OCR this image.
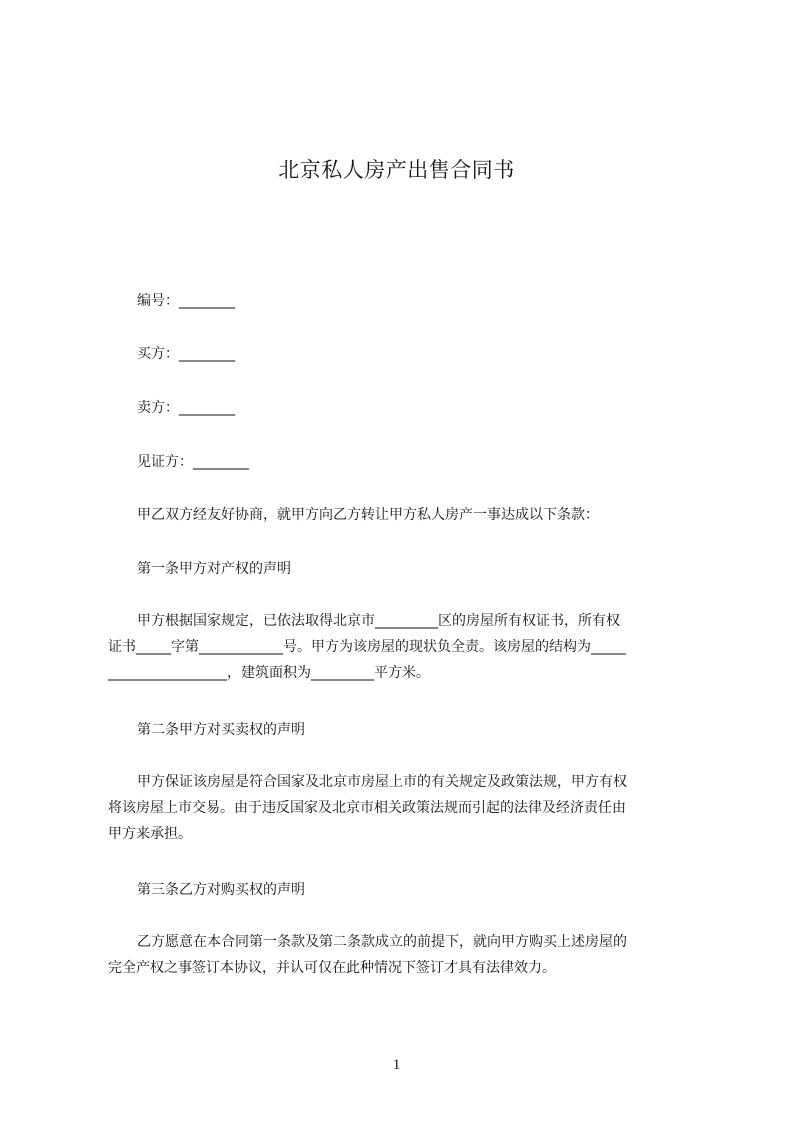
北京私人房产出售合同书
编号：________
买方：________
卖方：________
见证方：________
甲乙双方经友好协商，就甲方向乙方转让甲方私人房产一事达成以下条款：
第一条甲方对产权的声明
甲方根据国家规定，已依法取得北京市_________区的房屋所有权证书，所有权
证书_____字第____________号。甲方为该房屋的现状负全责。该房屋的结构为_____
_________________，建筑面积为_________平方米。
第二条甲方对买卖权的声明
甲方保证该房屋是符合国家及北京市房屋上市的有关规定及政策法规，甲方有权
将该房屋上市交易。由于违反国家及北京市相关政策法规而引起的法律及经济责任由
甲方来承担。
第三条乙方对购买权的声明
乙方愿意在本合同第一条款及第二条款成立的前提下，就向甲方购买上述房屋的
完全产权之事签订本协议，并认可仅在此种情况下签订才具有法律效力。
1
